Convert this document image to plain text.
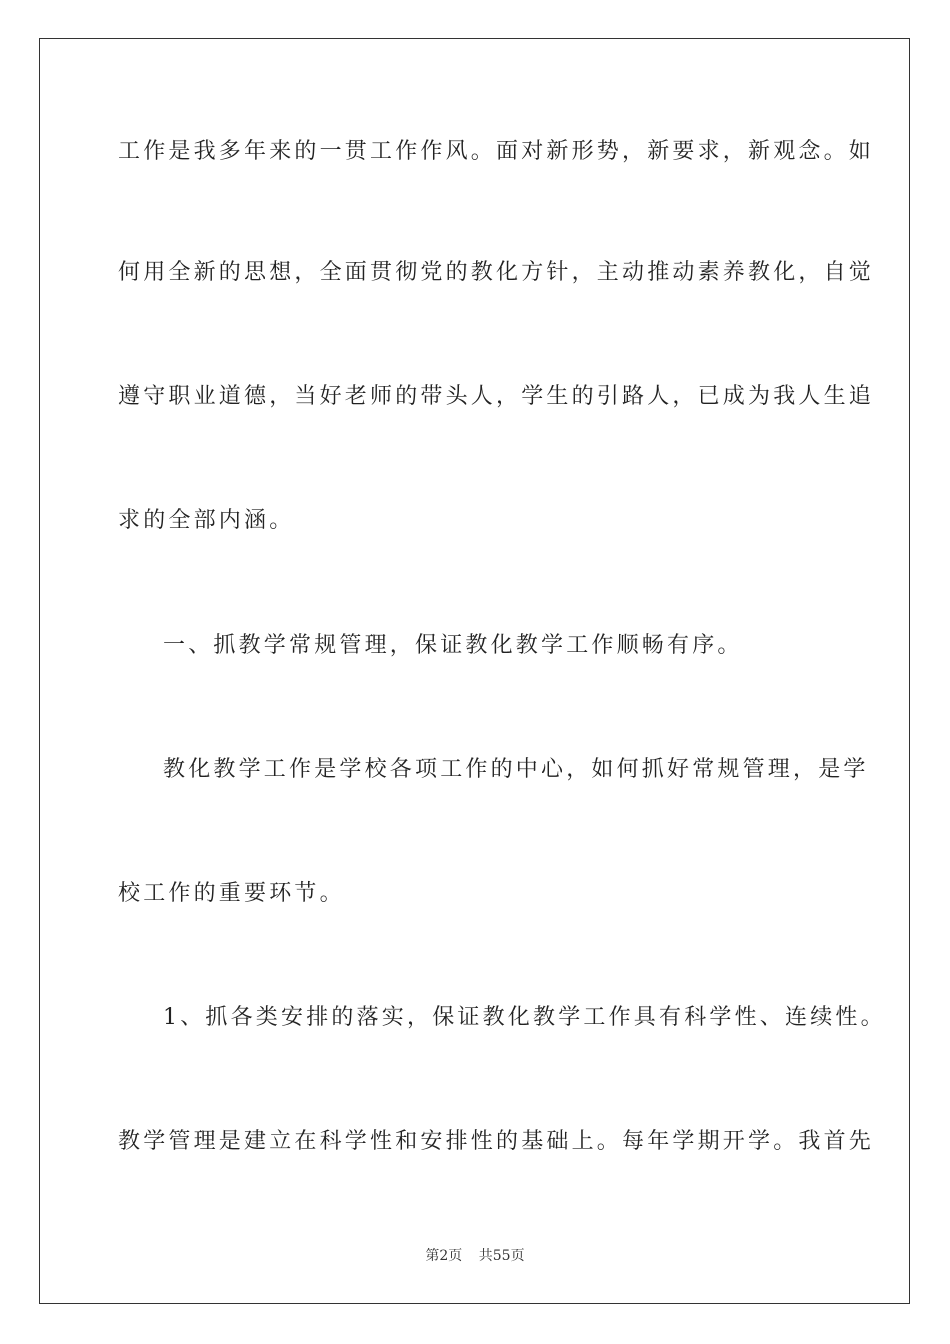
工作是我多年来的一贯工作作风。面对新形势，新要求，新观念。如
何用全新的思想，全面贯彻党的教化方针，主动推动素养教化，自觉
遵守职业道德，当好老师的带头人，学生的引路人，已成为我人生追
求的全部内涵。
一、抓教学常规管理，保证教化教学工作顺畅有序。
教化教学工作是学校各项工作的中心，如何抓好常规管理，是学
校工作的重要环节。
1、抓各类安排的落实，保证教化教学工作具有科学性、连续性。
教学管理是建立在科学性和安排性的基础上。每年学期开学。我首先
第2页 共55页
